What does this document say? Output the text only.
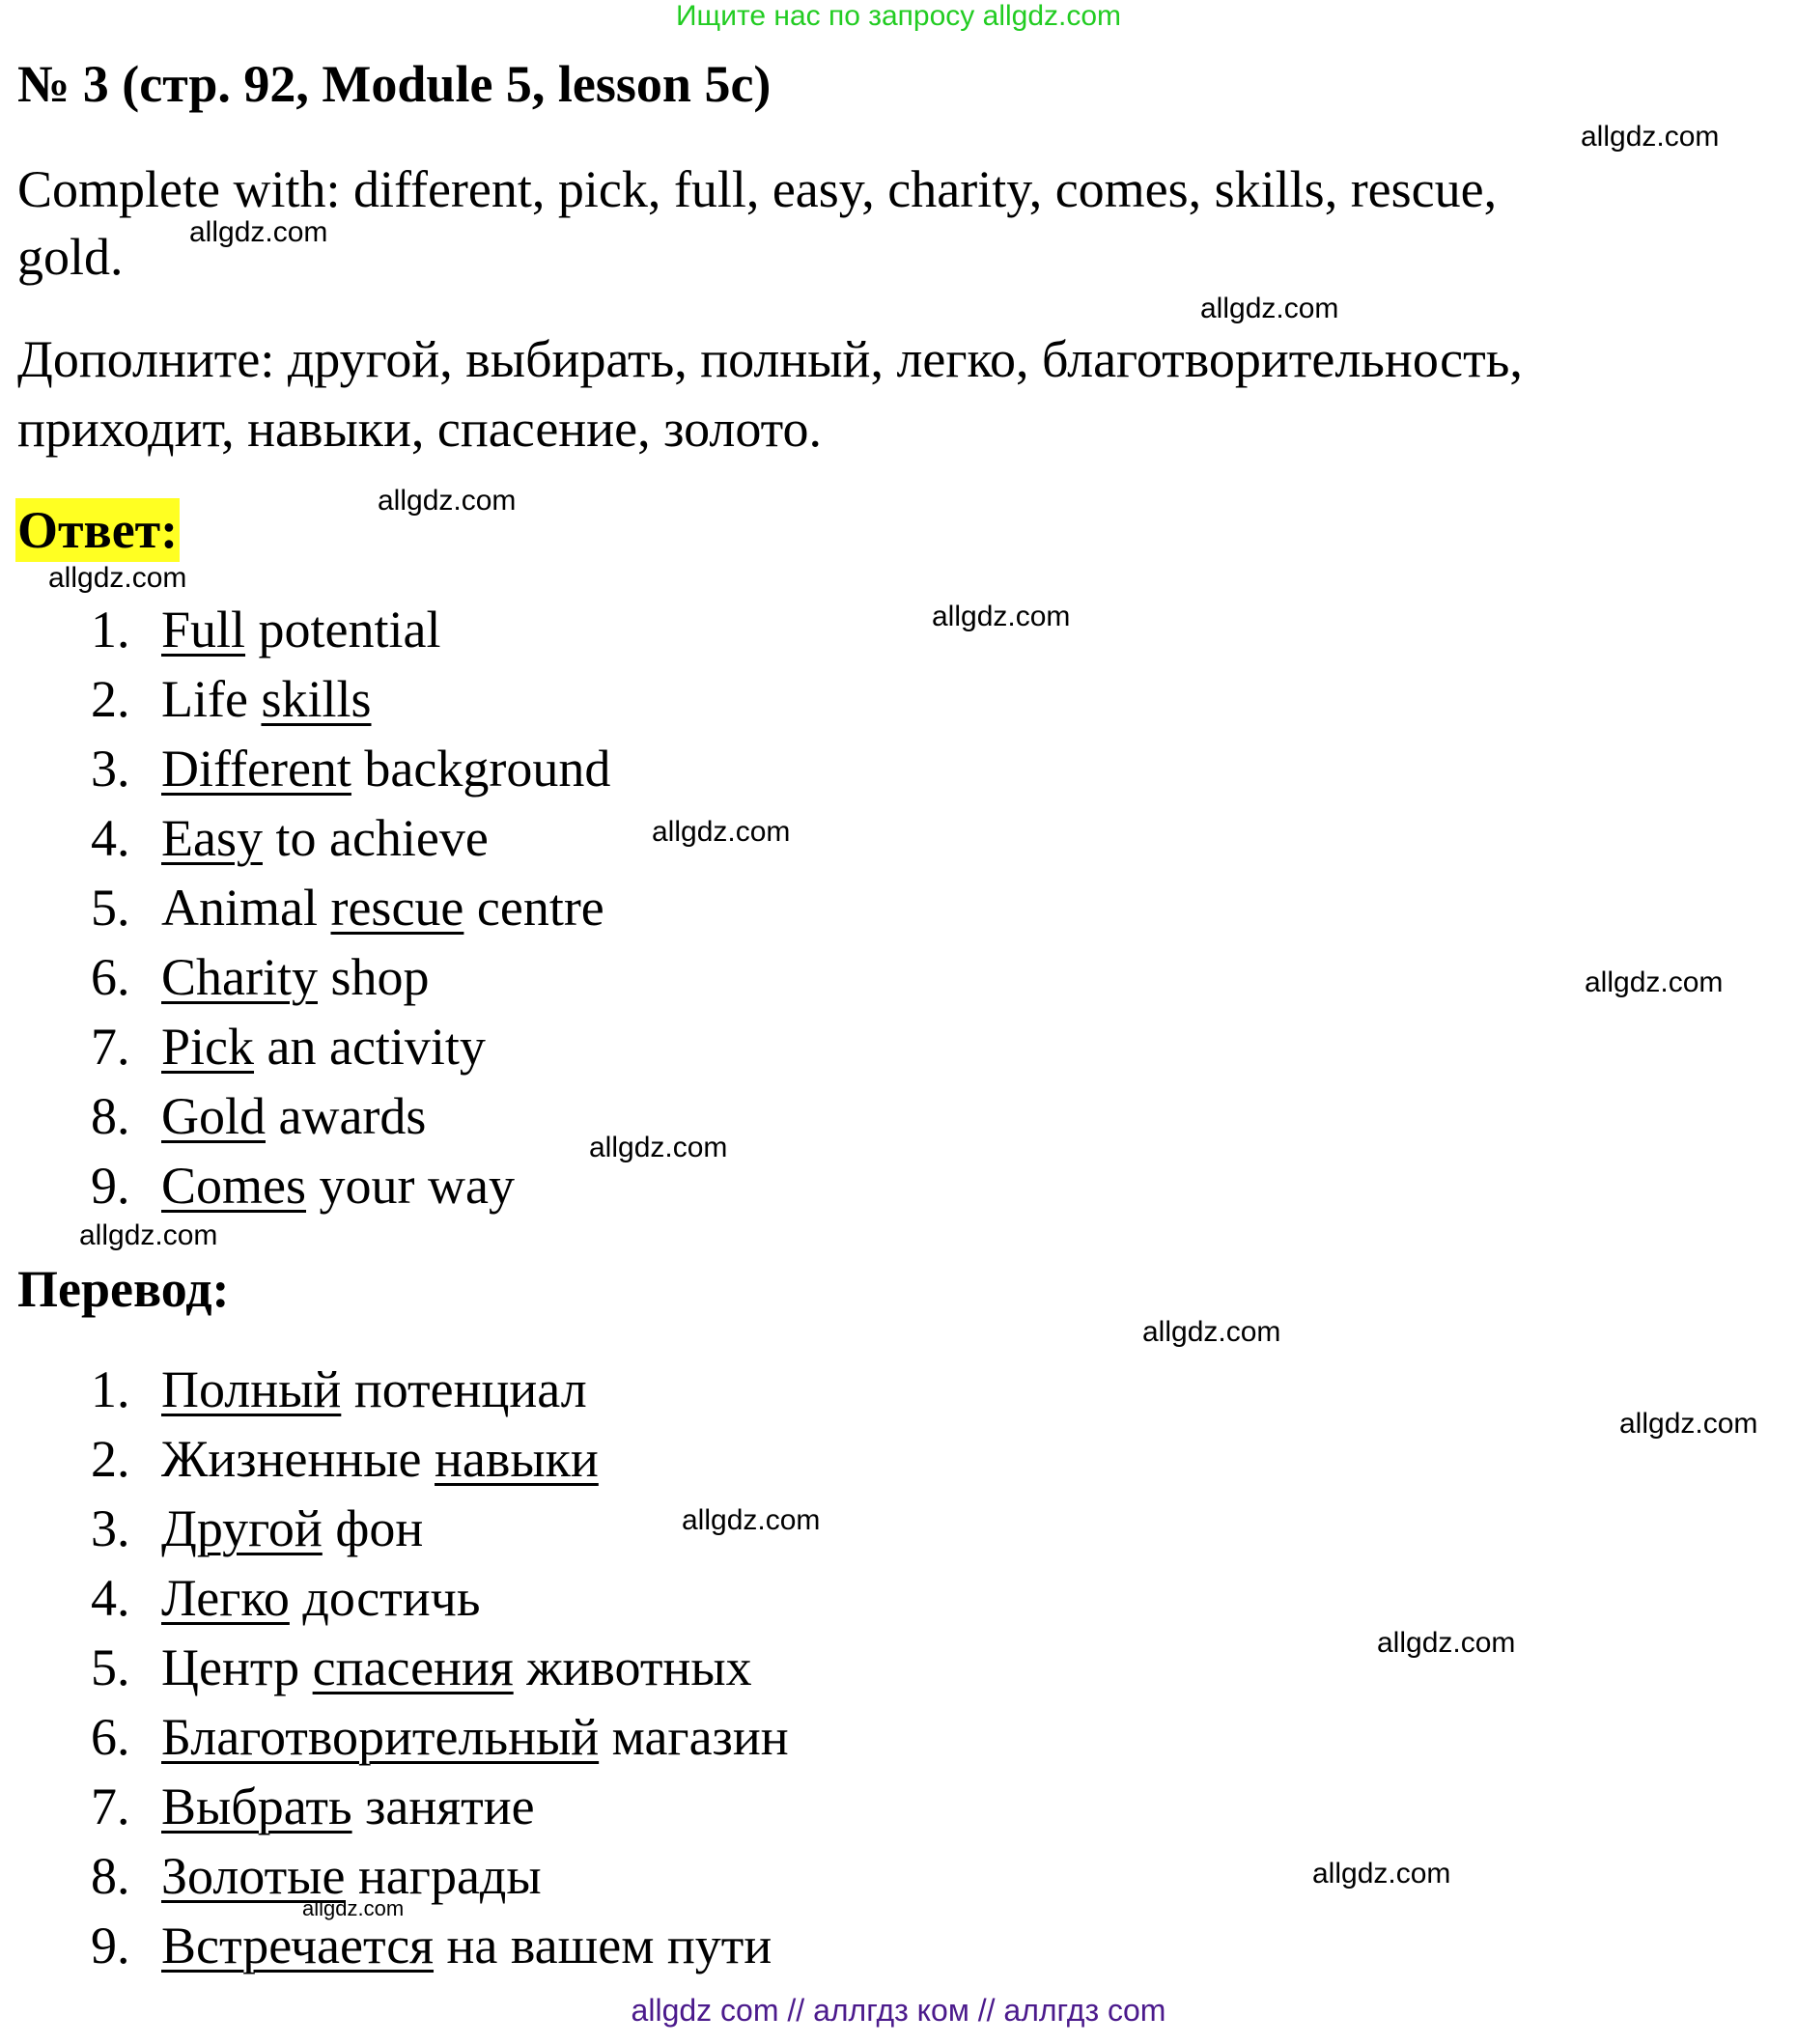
Ищите нас по запросу allgdz.com
№ 3 (стр. 92, Module 5, lesson 5c)
Complete with: different, pick, full, easy, charity, comes, skills, rescue,
gold.
Дополните: другой, выбирать, полный, легко, благотворительность,
приходит, навыки, спасение, золото.
Ответ:
Перевод:
1. Full potential
2. Life skills
3. Different background
4. Easy to achieve
5. Animal rescue centre
6. Charity shop
7. Pick an activity
8. Gold awards
9. Comes your way
1. Полный потенциал
2. Жизненные навыки
3. Другой фон
4. Легко достичь
5. Центр спасения животных
6. Благотворительный магазин
7. Выбрать занятие
8. Золотые награды
9. Встречается на вашем пути
allgdz.com
allgdz.com
allgdz.com
allgdz.com
allgdz.com
allgdz.com
allgdz.com
allgdz.com
allgdz.com
allgdz.com
allgdz.com
allgdz.com
allgdz.com
allgdz.com
allgdz.com
allgdz.com
allgdz com // аллгдз ком // аллгдз com
